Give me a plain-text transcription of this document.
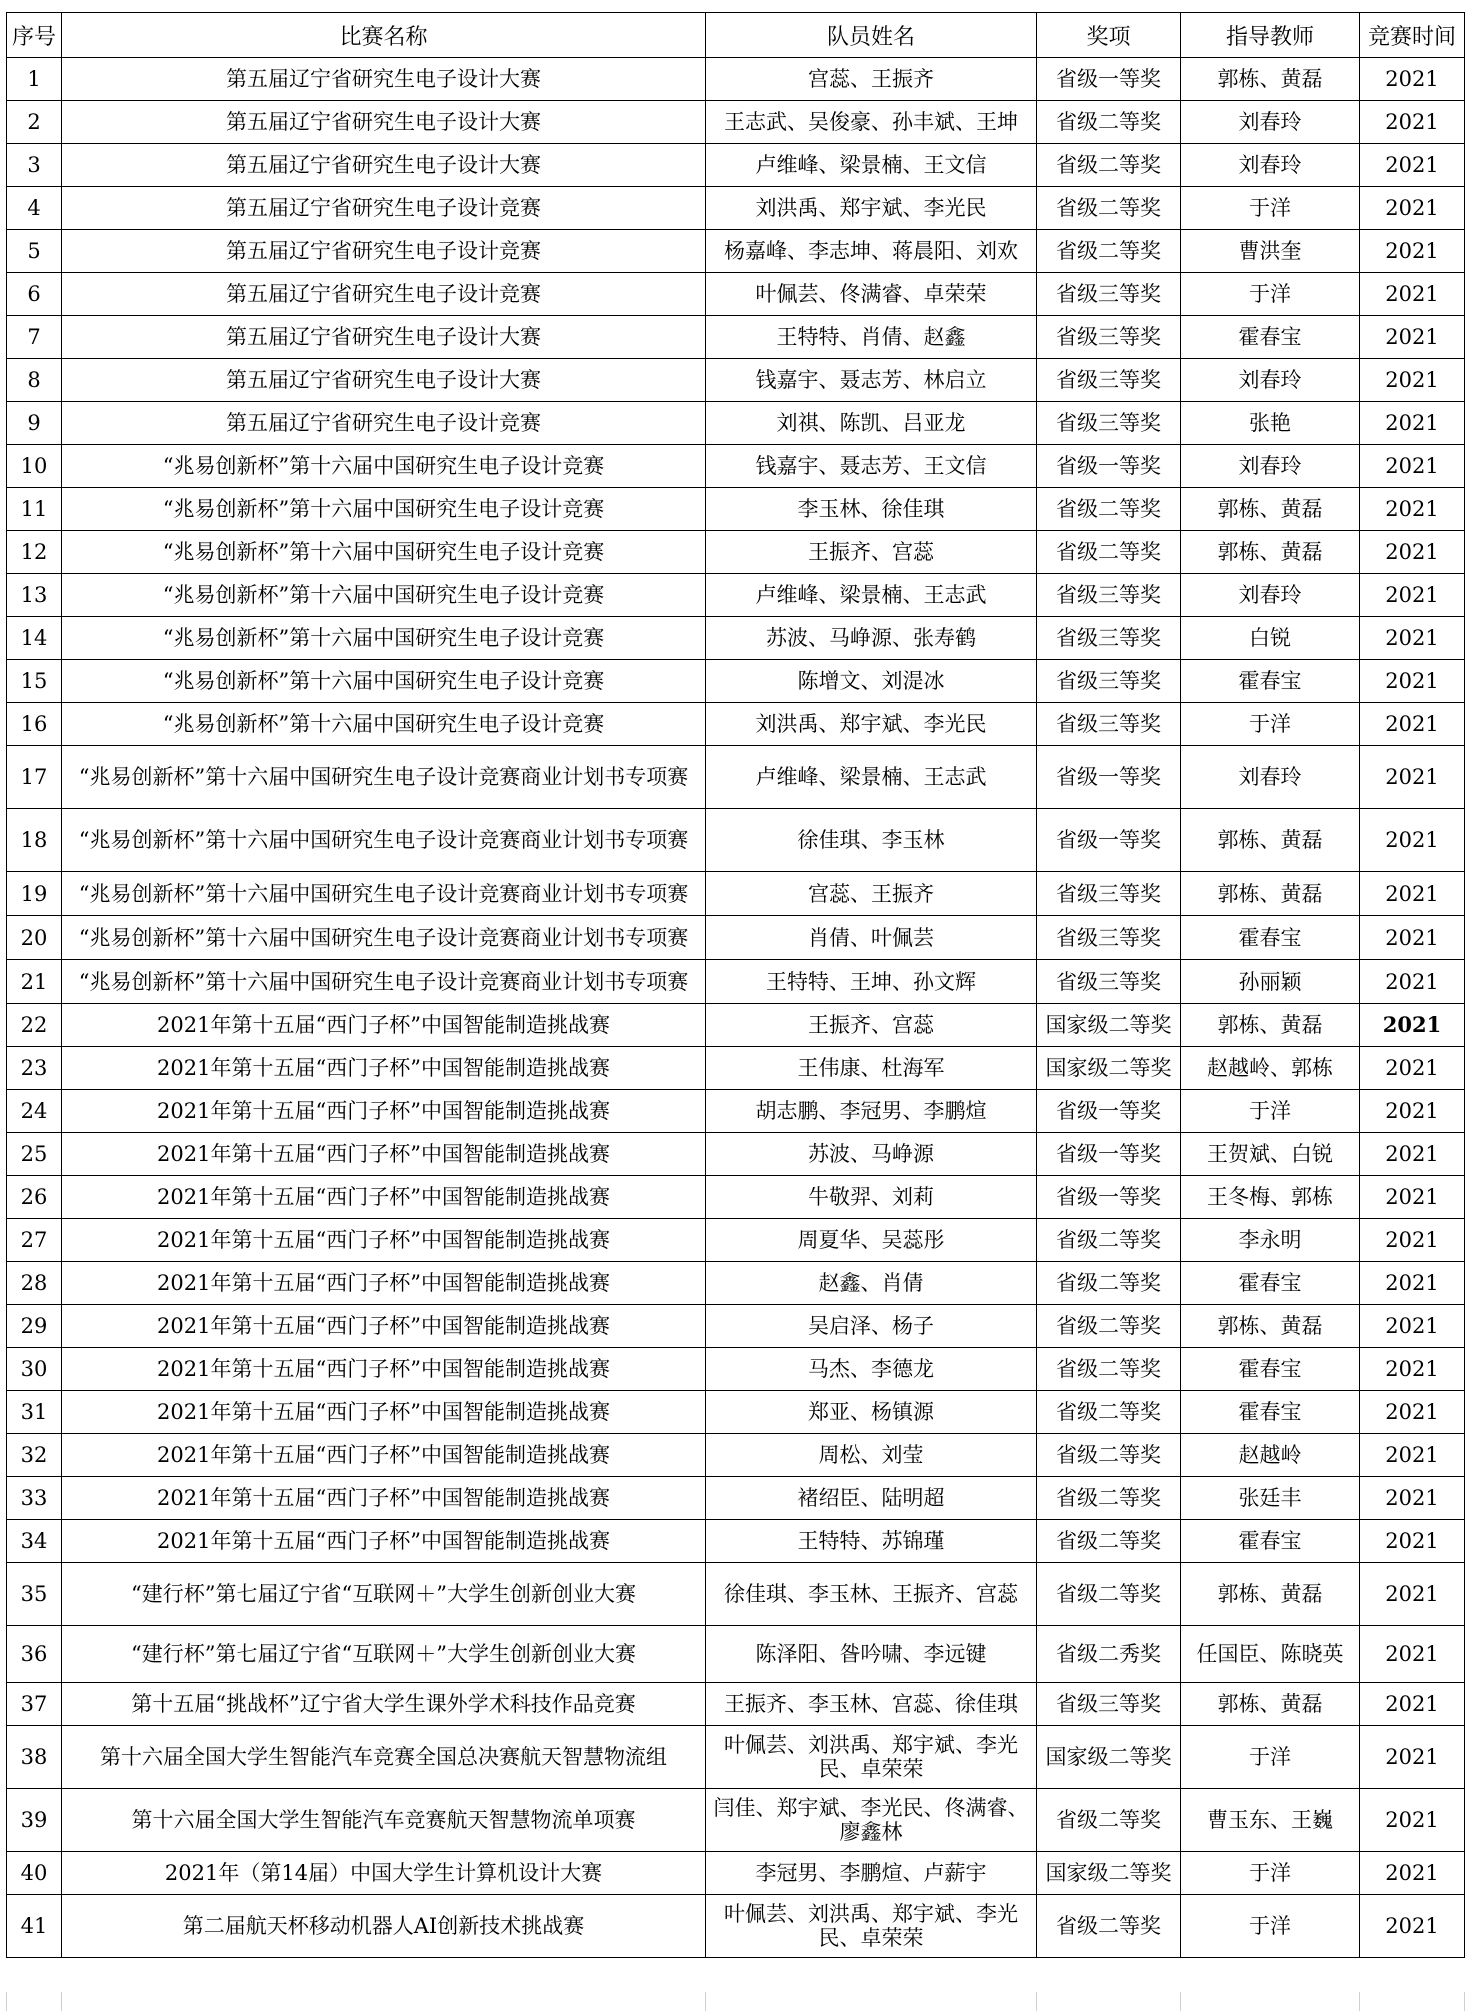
序号	比赛名称	队员姓名	奖项	指导教师	竞赛时间
1	第五届辽宁省研究生电子设计大赛	宫蕊、王振齐	省级一等奖	郭栋、黄磊	2021
2	第五届辽宁省研究生电子设计大赛	王志武、吴俊豪、孙丰斌、王坤	省级二等奖	刘春玲	2021
3	第五届辽宁省研究生电子设计大赛	卢维峰、梁景楠、王文信	省级二等奖	刘春玲	2021
4	第五届辽宁省研究生电子设计竞赛	刘洪禹、郑宇斌、李光民	省级二等奖	于洋	2021
5	第五届辽宁省研究生电子设计竞赛	杨嘉峰、李志坤、蒋晨阳、刘欢	省级二等奖	曹洪奎	2021
6	第五届辽宁省研究生电子设计竞赛	叶佩芸、佟满睿、卓荣荣	省级三等奖	于洋	2021
7	第五届辽宁省研究生电子设计大赛	王特特、肖倩、赵鑫	省级三等奖	霍春宝	2021
8	第五届辽宁省研究生电子设计大赛	钱嘉宇、聂志芳、林启立	省级三等奖	刘春玲	2021
9	第五届辽宁省研究生电子设计竞赛	刘祺、陈凯、吕亚龙	省级三等奖	张艳	2021
10	“兆易创新杯”第十六届中国研究生电子设计竞赛	钱嘉宇、聂志芳、王文信	省级一等奖	刘春玲	2021
11	“兆易创新杯”第十六届中国研究生电子设计竞赛	李玉林、徐佳琪	省级二等奖	郭栋、黄磊	2021
12	“兆易创新杯”第十六届中国研究生电子设计竞赛	王振齐、宫蕊	省级二等奖	郭栋、黄磊	2021
13	“兆易创新杯”第十六届中国研究生电子设计竞赛	卢维峰、梁景楠、王志武	省级三等奖	刘春玲	2021
14	“兆易创新杯”第十六届中国研究生电子设计竞赛	苏波、马峥源、张寿鹤	省级三等奖	白锐	2021
15	“兆易创新杯”第十六届中国研究生电子设计竞赛	陈增文、刘湜冰	省级三等奖	霍春宝	2021
16	“兆易创新杯”第十六届中国研究生电子设计竞赛	刘洪禹、郑宇斌、李光民	省级三等奖	于洋	2021
17	“兆易创新杯”第十六届中国研究生电子设计竞赛商业计划书专项赛	卢维峰、梁景楠、王志武	省级一等奖	刘春玲	2021
18	“兆易创新杯”第十六届中国研究生电子设计竞赛商业计划书专项赛	徐佳琪、李玉林	省级一等奖	郭栋、黄磊	2021
19	“兆易创新杯”第十六届中国研究生电子设计竞赛商业计划书专项赛	宫蕊、王振齐	省级三等奖	郭栋、黄磊	2021
20	“兆易创新杯”第十六届中国研究生电子设计竞赛商业计划书专项赛	肖倩、叶佩芸	省级三等奖	霍春宝	2021
21	“兆易创新杯”第十六届中国研究生电子设计竞赛商业计划书专项赛	王特特、王坤、孙文辉	省级三等奖	孙丽颖	2021
22	2021年第十五届“西门子杯”中国智能制造挑战赛	王振齐、宫蕊	国家级二等奖	郭栋、黄磊	2021
23	2021年第十五届“西门子杯”中国智能制造挑战赛	王伟康、杜海军	国家级二等奖	赵越岭、郭栋	2021
24	2021年第十五届“西门子杯”中国智能制造挑战赛	胡志鹏、李冠男、李鹏煊	省级一等奖	于洋	2021
25	2021年第十五届“西门子杯”中国智能制造挑战赛	苏波、马峥源	省级一等奖	王贺斌、白锐	2021
26	2021年第十五届“西门子杯”中国智能制造挑战赛	牛敬羿、刘莉	省级一等奖	王冬梅、郭栋	2021
27	2021年第十五届“西门子杯”中国智能制造挑战赛	周夏华、吴蕊彤	省级二等奖	李永明	2021
28	2021年第十五届“西门子杯”中国智能制造挑战赛	赵鑫、肖倩	省级二等奖	霍春宝	2021
29	2021年第十五届“西门子杯”中国智能制造挑战赛	吴启泽、杨子	省级二等奖	郭栋、黄磊	2021
30	2021年第十五届“西门子杯”中国智能制造挑战赛	马杰、李德龙	省级二等奖	霍春宝	2021
31	2021年第十五届“西门子杯”中国智能制造挑战赛	郑亚、杨镇源	省级二等奖	霍春宝	2021
32	2021年第十五届“西门子杯”中国智能制造挑战赛	周松、刘莹	省级二等奖	赵越岭	2021
33	2021年第十五届“西门子杯”中国智能制造挑战赛	褚绍臣、陆明超	省级二等奖	张廷丰	2021
34	2021年第十五届“西门子杯”中国智能制造挑战赛	王特特、苏锦瑾	省级二等奖	霍春宝	2021
35	“建行杯”第七届辽宁省“互联网＋”大学生创新创业大赛	徐佳琪、李玉林、王振齐、宫蕊	省级二等奖	郭栋、黄磊	2021
36	“建行杯”第七届辽宁省“互联网＋”大学生创新创业大赛	陈泽阳、昝吟啸、李远键	省级二秀奖	任国臣、陈晓英	2021
37	第十五届“挑战杯”辽宁省大学生课外学术科技作品竞赛	王振齐、李玉林、宫蕊、徐佳琪	省级三等奖	郭栋、黄磊	2021
38	第十六届全国大学生智能汽车竞赛全国总决赛航天智慧物流组	叶佩芸、刘洪禹、郑宇斌、李光民、卓荣荣	国家级二等奖	于洋	2021
39	第十六届全国大学生智能汽车竞赛航天智慧物流单项赛	闫佳、郑宇斌、李光民、佟满睿、廖鑫林	省级二等奖	曹玉东、王巍	2021
40	2021年（第14届）中国大学生计算机设计大赛	李冠男、李鹏煊、卢薪宇	国家级二等奖	于洋	2021
41	第二届航天杯移动机器人AI创新技术挑战赛	叶佩芸、刘洪禹、郑宇斌、李光民、卓荣荣	省级二等奖	于洋	2021
